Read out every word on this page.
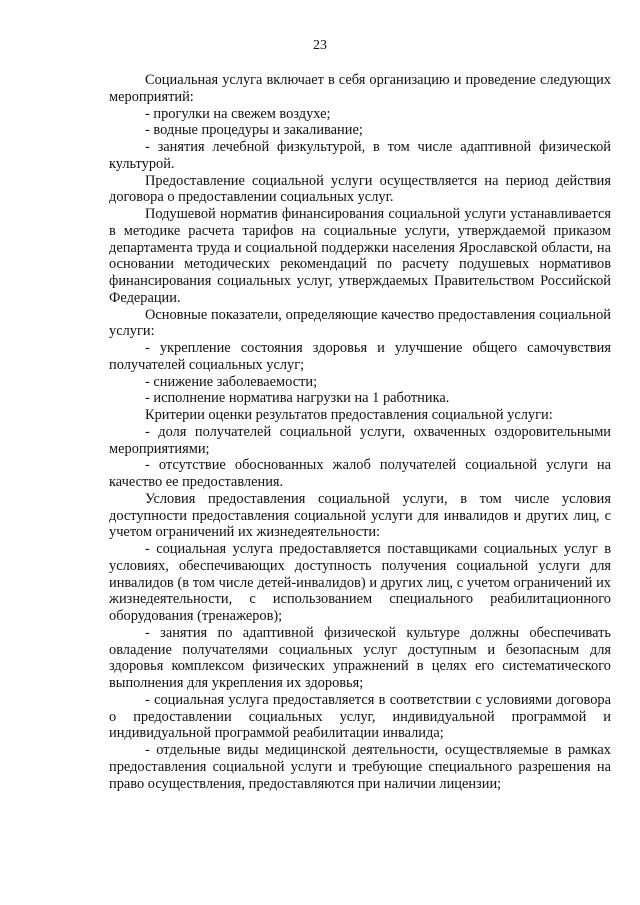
23

Социальная услуга включает в себя организацию и проведение следующих мероприятий:

- прогулки на свежем воздухе;

- водные процедуры и закаливание;

- занятия лечебной физкультурой, в том числе адаптивной физической культурой.

Предоставление социальной услуги осуществляется на период действия договора о предоставлении социальных услуг.

Подушевой норматив финансирования социальной услуги устанавливается в методике расчета тарифов на социальные услуги, утверждаемой приказом департамента труда и социальной поддержки населения Ярославской области, на основании методических рекомендаций по расчету подушевых нормативов финансирования социальных услуг, утверждаемых Правительством Российской Федерации.

Основные показатели, определяющие качество предоставления социальной услуги:

- укрепление состояния здоровья и улучшение общего самочувствия получателей социальных услуг;

- снижение заболеваемости;

- исполнение норматива нагрузки на 1 работника.

Критерии оценки результатов предоставления социальной услуги:

- доля получателей социальной услуги, охваченных оздоровительными мероприятиями;

- отсутствие обоснованных жалоб получателей социальной услуги на качество ее предоставления.

Условия предоставления социальной услуги, в том числе условия доступности предоставления социальной услуги для инвалидов и других лиц, с учетом ограничений их жизнедеятельности:

- социальная услуга предоставляется поставщиками социальных услуг в условиях, обеспечивающих доступность получения социальной услуги для инвалидов (в том числе детей-инвалидов) и других лиц, с учетом ограничений их жизнедеятельности, с использованием специального реабилитационного оборудования (тренажеров);

- занятия по адаптивной физической культуре должны обеспечивать овладение получателями социальных услуг доступным и безопасным для здоровья комплексом физических упражнений в целях его систематического выполнения для укрепления их здоровья;

- социальная услуга предоставляется в соответствии с условиями договора о предоставлении социальных услуг, индивидуальной программой и индивидуальной программой реабилитации инвалида;

- отдельные виды медицинской деятельности, осуществляемые в рамках предоставления социальной услуги и требующие специального разрешения на право осуществления, предоставляются при наличии лицензии;
